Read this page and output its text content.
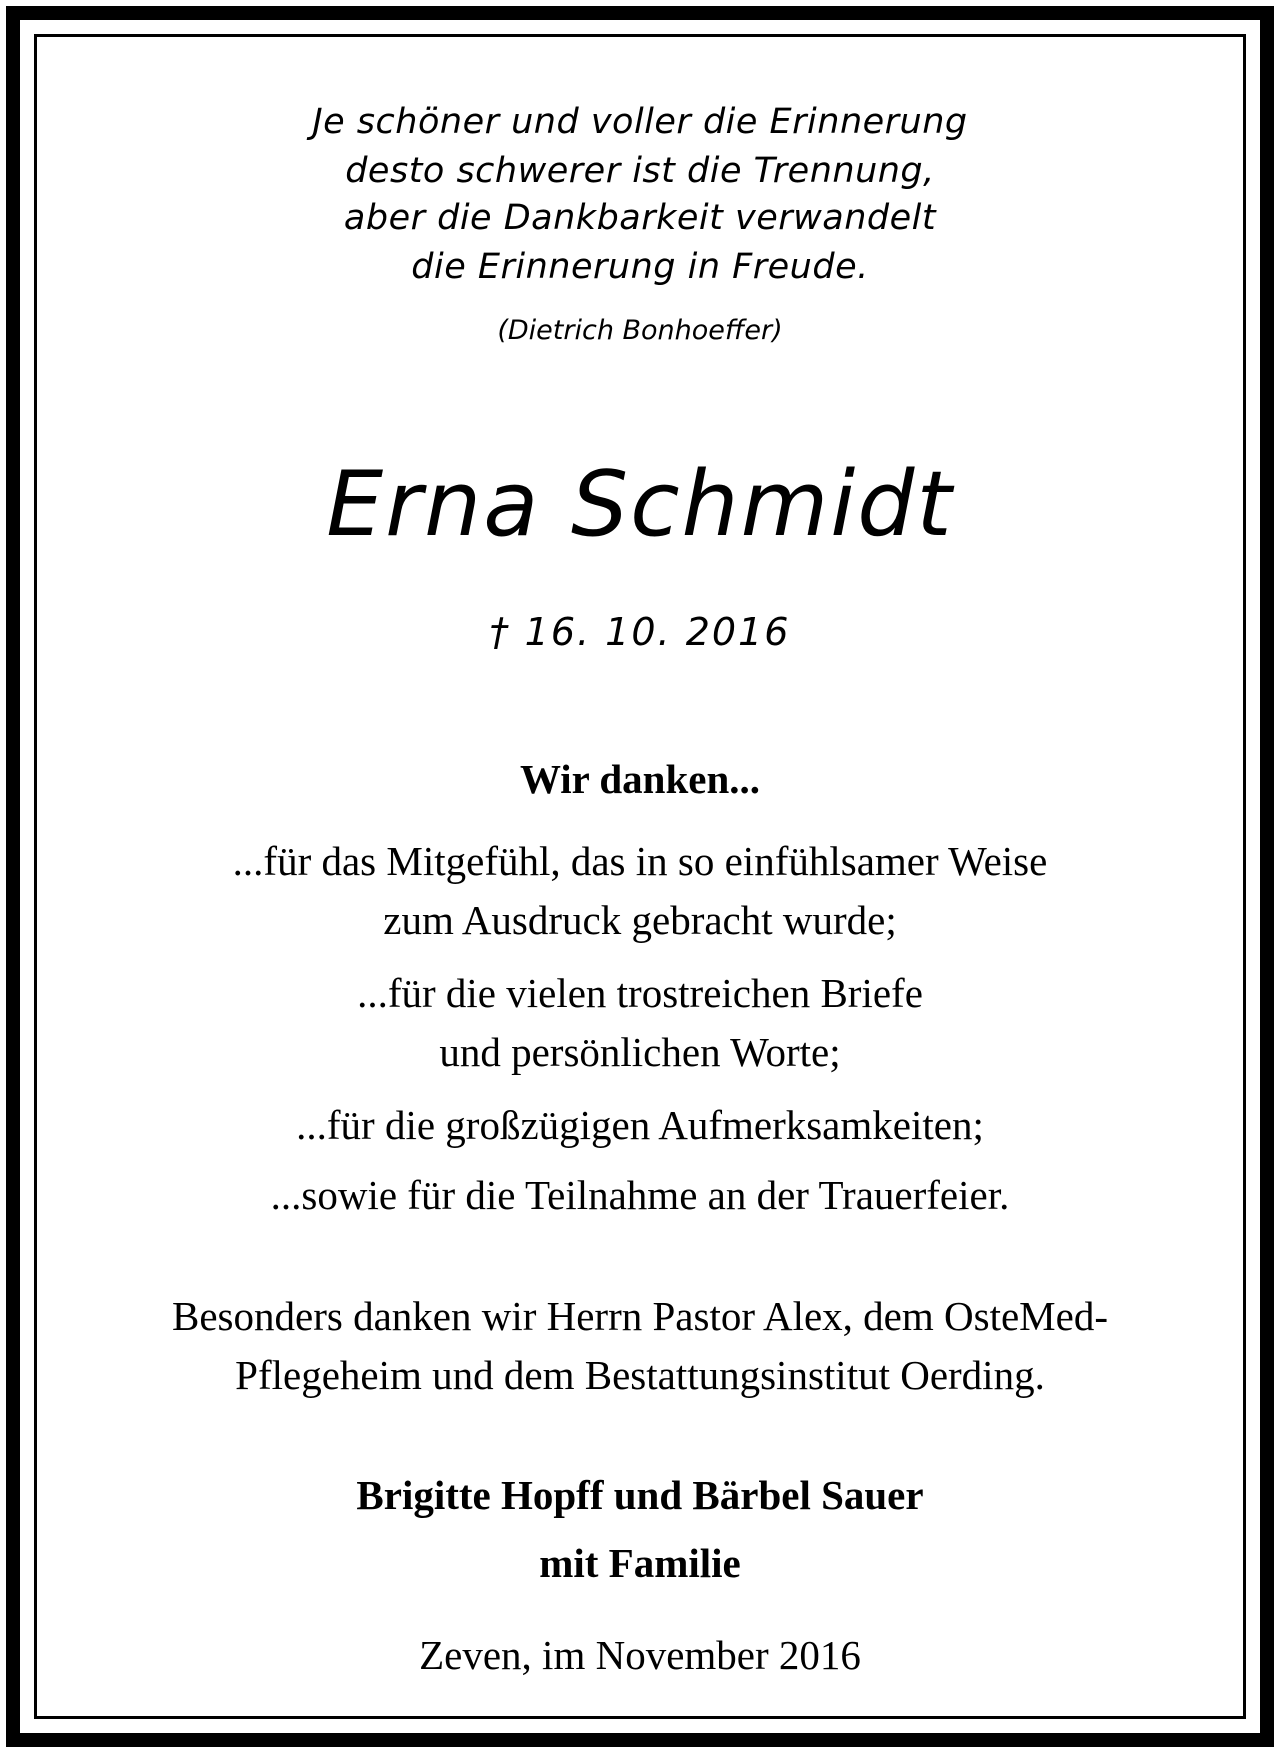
Je schöner und voller die Erinnerung
desto schwerer ist die Trennung,
aber die Dankbarkeit verwandelt
die Erinnerung in Freude.
(Dietrich Bonhoeffer)
Erna Schmidt
† 16. 10. 2016
Wir danken...
...für das Mitgefühl, das in so einfühlsamer Weise
zum Ausdruck gebracht wurde;
...für die vielen trostreichen Briefe
und persönlichen Worte;
...für die großzügigen Aufmerksamkeiten;
...sowie für die Teilnahme an der Trauerfeier.
Besonders danken wir Herrn Pastor Alex, dem OsteMed-
Pflegeheim und dem Bestattungsinstitut Oerding.
Brigitte Hopff und Bärbel Sauer
mit Familie
Zeven, im November 2016
